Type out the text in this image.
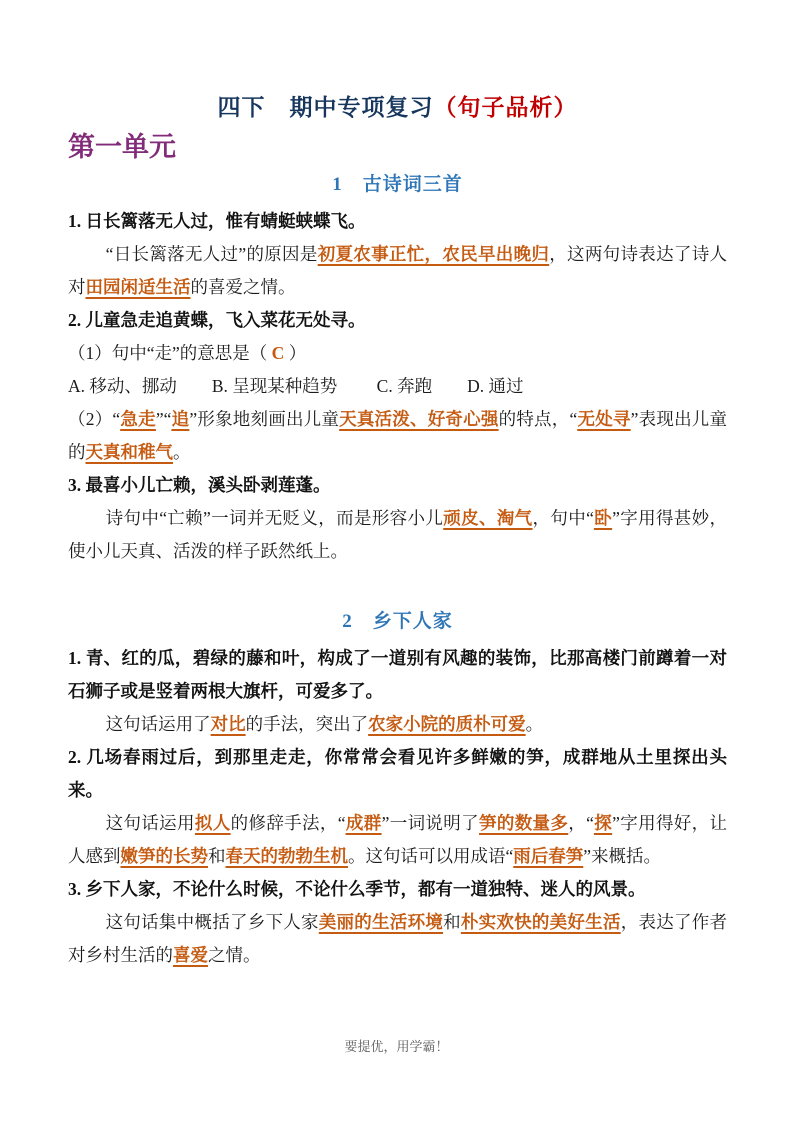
四下　期中专项复习（句子品析）
第一单元
1　古诗词三首
1. 日长篱落无人过，惟有蜻蜓蛱蝶飞。
“日长篱落无人过”的原因是初夏农事正忙，农民早出晚归，这两句诗表达了诗人对田园闲适生活的喜爱之情。
2. 儿童急走追黄蝶，飞入菜花无处寻。
（1）句中“走”的意思是（ C ）
A. 移动、挪动　　B. 呈现某种趋势　　 C. 奔跑　　D. 通过
（2）“急走”“追”形象地刻画出儿童天真活泼、好奇心强的特点，“无处寻”表现出儿童的天真和稚气。
3. 最喜小儿亡赖，溪头卧剥莲蓬。
诗句中“亡赖”一词并无贬义，而是形容小儿顽皮、淘气，句中“卧”字用得甚妙，使小儿天真、活泼的样子跃然纸上。
2　乡下人家
1. 青、红的瓜，碧绿的藤和叶，构成了一道别有风趣的装饰，比那高楼门前蹲着一对石狮子或是竖着两根大旗杆，可爱多了。
这句话运用了对比的手法，突出了农家小院的质朴可爱。
2. 几场春雨过后，到那里走走，你常常会看见许多鲜嫩的笋，成群地从土里探出头来。
这句话运用拟人的修辞手法，“成群”一词说明了笋的数量多，“探”字用得好，让人感到嫩笋的长势和春天的勃勃生机。这句话可以用成语“雨后春笋”来概括。
3. 乡下人家，不论什么时候，不论什么季节，都有一道独特、迷人的风景。
这句话集中概括了乡下人家美丽的生活环境和朴实欢快的美好生活，表达了作者对乡村生活的喜爱之情。
要提优，用学霸！
